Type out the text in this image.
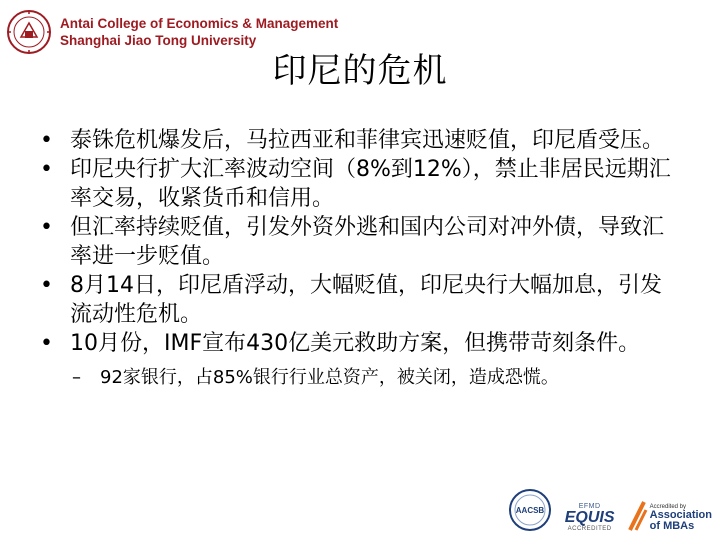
Antai College of Economics & Management
Shanghai Jiao Tong University
印尼的危机
• 泰铢危机爆发后，马拉西亚和菲律宾迅速贬值，印尼盾受压。
• 印尼央行扩大汇率波动空间（8%到12%），禁止非居民远期汇率交易，收紧货币和信用。
• 但汇率持续贬值，引发外资外逃和国内公司对冲外债，导致汇率进一步贬值。
• 8月14日，印尼盾浮动，大幅贬值，印尼央行大幅加息，引发流动性危机。
• 10月份，IMF宣布430亿美元救助方案，但携带苛刻条件。
– 92家银行，占85%银行行业总资产，被关闭，造成恐慌。
AACSB	EFMD
EQUIS
ACCREDITED
Accredited by
Association
of MBAs
